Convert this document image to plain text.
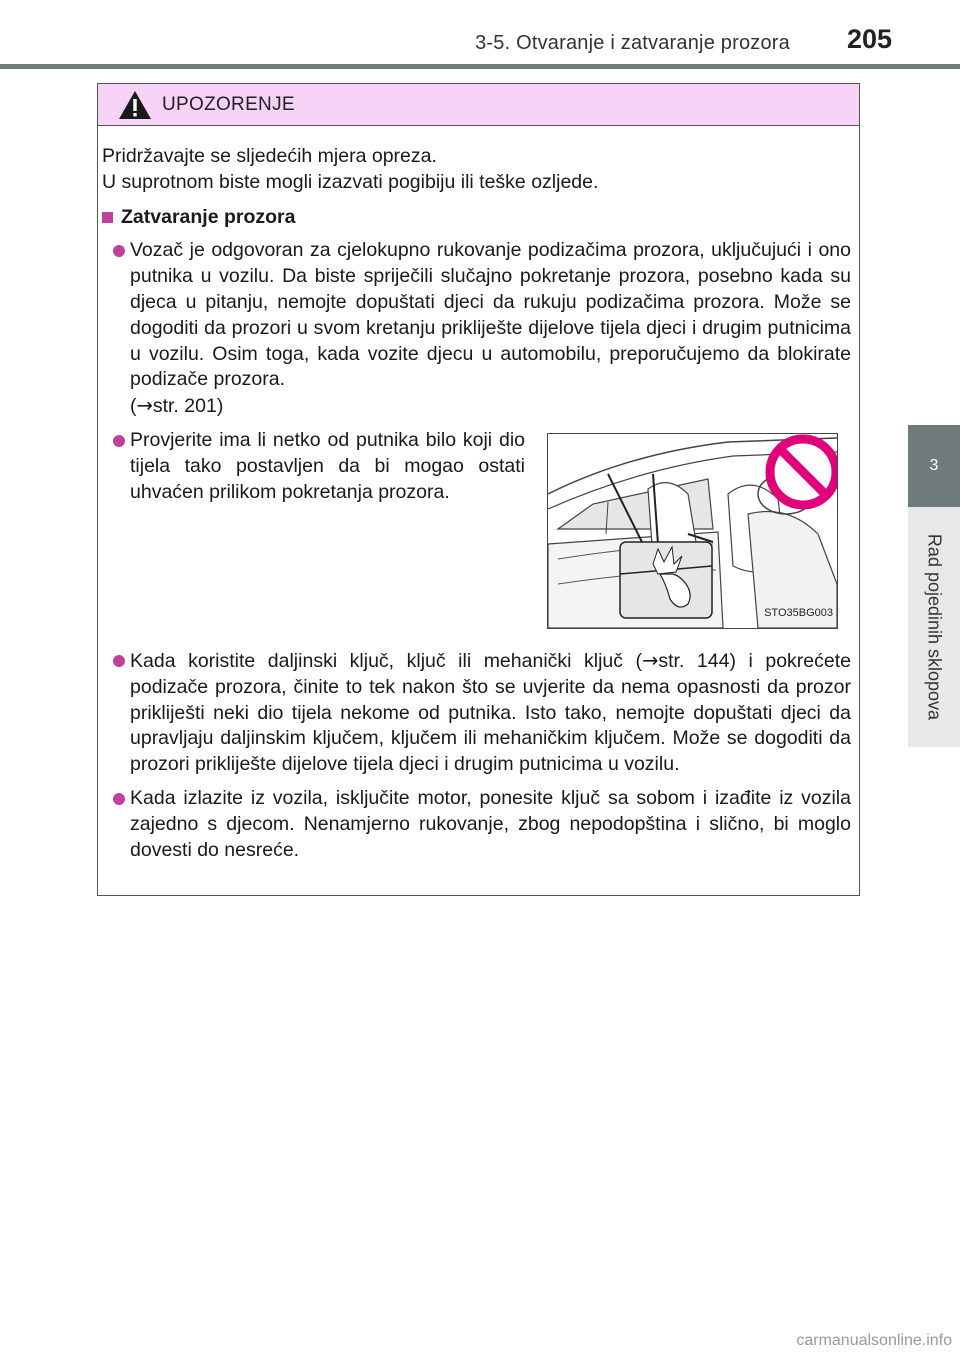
3-5. Otvaranje i zatvaranje prozora 205
3
Rad pojedinih sklopova
UPOZORENJE

Pridržavajte se sljedećih mjera opreza.

U suprotnom biste mogli izazvati pogibiju ili teške ozljede.

Zatvaranje prozora
Vozač je odgovoran za cjelokupno rukovanje podizačima prozora, uključujući i ono putnika u vozilu. Da biste spriječili slučajno pokretanje prozora, posebno kada su djeca u pitanju, nemojte dopuštati djeci da rukuju podizačima prozora. Može se dogoditi da prozori u svom kretanju prikliješte dijelove tijela djeci i drugim putnicima u vozilu. Osim toga, kada vozite djecu u automobilu, preporučujemo da blokirate podizače prozora.
(→str. 201)
Provjerite ima li netko od putnika bilo koji dio tijela tako postavljen da bi mogao ostati uhvaćen prilikom pokretanja prozora.
STO35BG003
Kada koristite daljinski ključ, ključ ili mehanički ključ (→str. 144) i pokrećete podizače prozora, činite to tek nakon što se uvjerite da nema opasnosti da prozor prikliješti neki dio tijela nekome od putnika. Isto tako, nemojte dopuštati djeci da upravljaju daljinskim ključem, ključem ili mehaničkim ključem. Može se dogoditi da prozori prikliješte dijelove tijela djeci i drugim putnicima u vozilu.
Kada izlazite iz vozila, isključite motor, ponesite ključ sa sobom i izađite iz vozila zajedno s djecom. Nenamjerno rukovanje, zbog nepodopština i slično, bi moglo dovesti do nesreće.
carmanualsonline.info
